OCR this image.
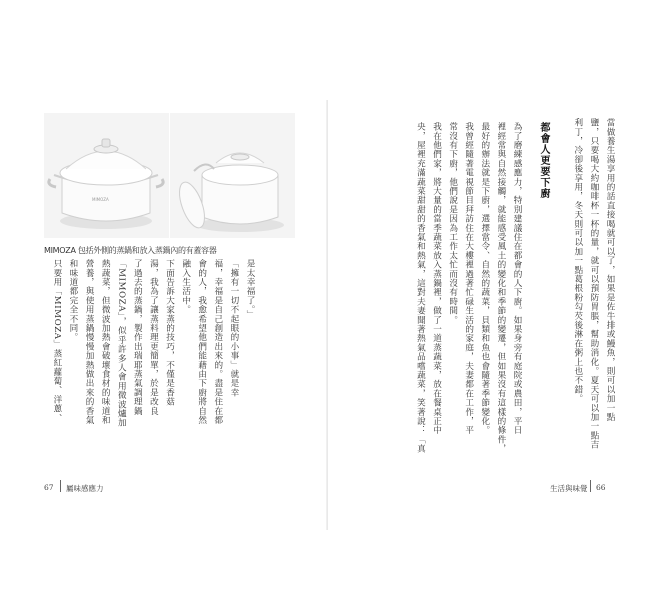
MIMOZA
MIMOZA 包括外側的蒸鍋和放入蒸鍋內的有蓋容器
是太幸福了。」
「擁有一切不起眼的小事」就是幸
福，幸福是自己創造出來的。盡是住在都
會的人，我愈希望他們能藉由下廚將自然
融入生活中。
下面告訴大家蒸的技巧，不僅是香菇
湯，我為了讓蒸料理更簡單，於是改良
了過去的蒸鍋，製作出瑞耶蒸氣調理鍋
「MIMOZA」，似乎許多人會用微波爐加
熱蔬菜，但微波加熱會破壞食材的味道和
營養，與使用蒸鍋慢慢加熱做出來的香氣
和味道都完全不同。
只要用「MIMOZA」蒸紅蘿蔔、洋蔥、
67 屬味感應力
當做養生湯享用的話直接喝就可以了，如果是佐牛排或鰻魚，則可以加一點
鹽，只要喝大約咖啡杯一杯的量，就可以預防胃脹，幫助消化。夏天可以加一點吉
利丁，冷卻後享用，冬天則可以加一點葛根粉勾芡後淋在粥上也不錯。
都會人更要下廚
為了磨練感應力，特別建議住在都會的人下廚。如果身旁有庭院或農田，平日
裡經常與自然接觸，就能感受風土的變化和季節的變遷，但如果沒有這樣的條件，
最好的辦法就是下廚，選擇當令、自然的蔬菜，貝類和魚也會隨著季節變化。
我曾經隨著電視節目拜訪住在大樓裡過著忙碌生活的家庭，夫妻都在工作，平
常沒有下廚，他們說是因為工作太忙而沒有時間。
我在他們家，將大量的當季蔬菜放入蒸鍋裡，做了一道蒸蔬菜，放在餐桌正中
央，屋裡充滿蔬菜甜甜的香氣和熱氣，這對夫妻聞著熱氣品嚐蔬菜，笑著說：「真
生活與味覺 66
